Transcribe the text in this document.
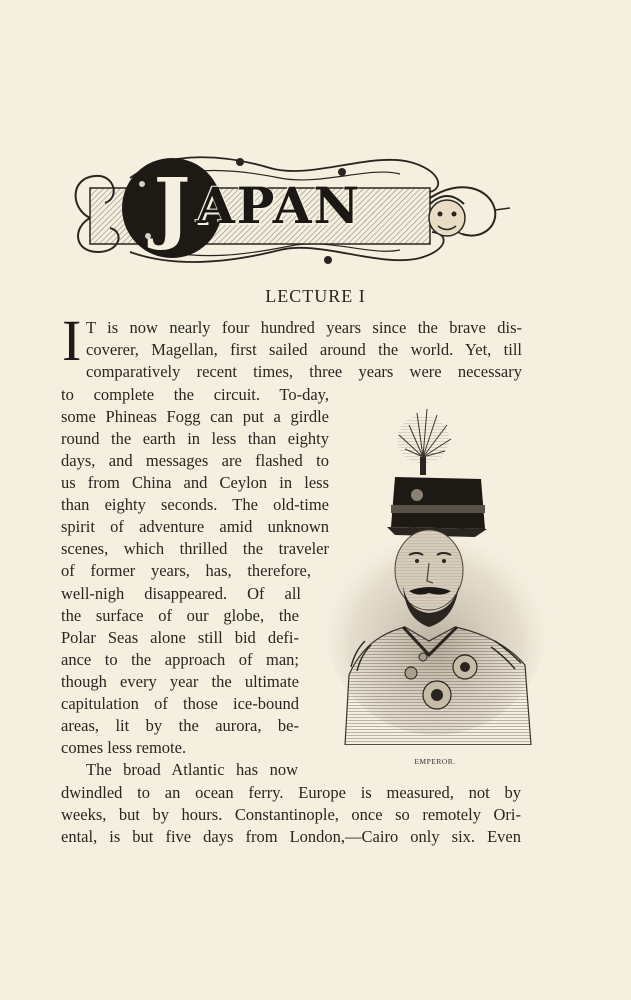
J APAN
LECTURE I
I T is now nearly four hundred years since the brave dis-
coverer, Magellan, first sailed around the world. Yet, till
comparatively recent times, three years were necessary
to complete the circuit. To-day,
some Phineas Fogg can put a girdle
round the earth in less than eighty
days, and messages are flashed to
us from China and Ceylon in less
than eighty seconds. The old-time
spirit of adventure amid unknown
scenes, which thrilled the traveler
of former years, has, therefore,
well-nigh disappeared. Of all
the surface of our globe, the
Polar Seas alone still bid defi-
ance to the approach of man;
though every year the ultimate
capitulation of those ice-bound
areas, lit by the aurora, be-
comes less remote.
The broad Atlantic has now
dwindled to an ocean ferry. Europe is measured, not by
weeks, but by hours. Constantinople, once so remotely Ori-
ental, is but five days from London,—Cairo only six. Even
EMPEROR.
